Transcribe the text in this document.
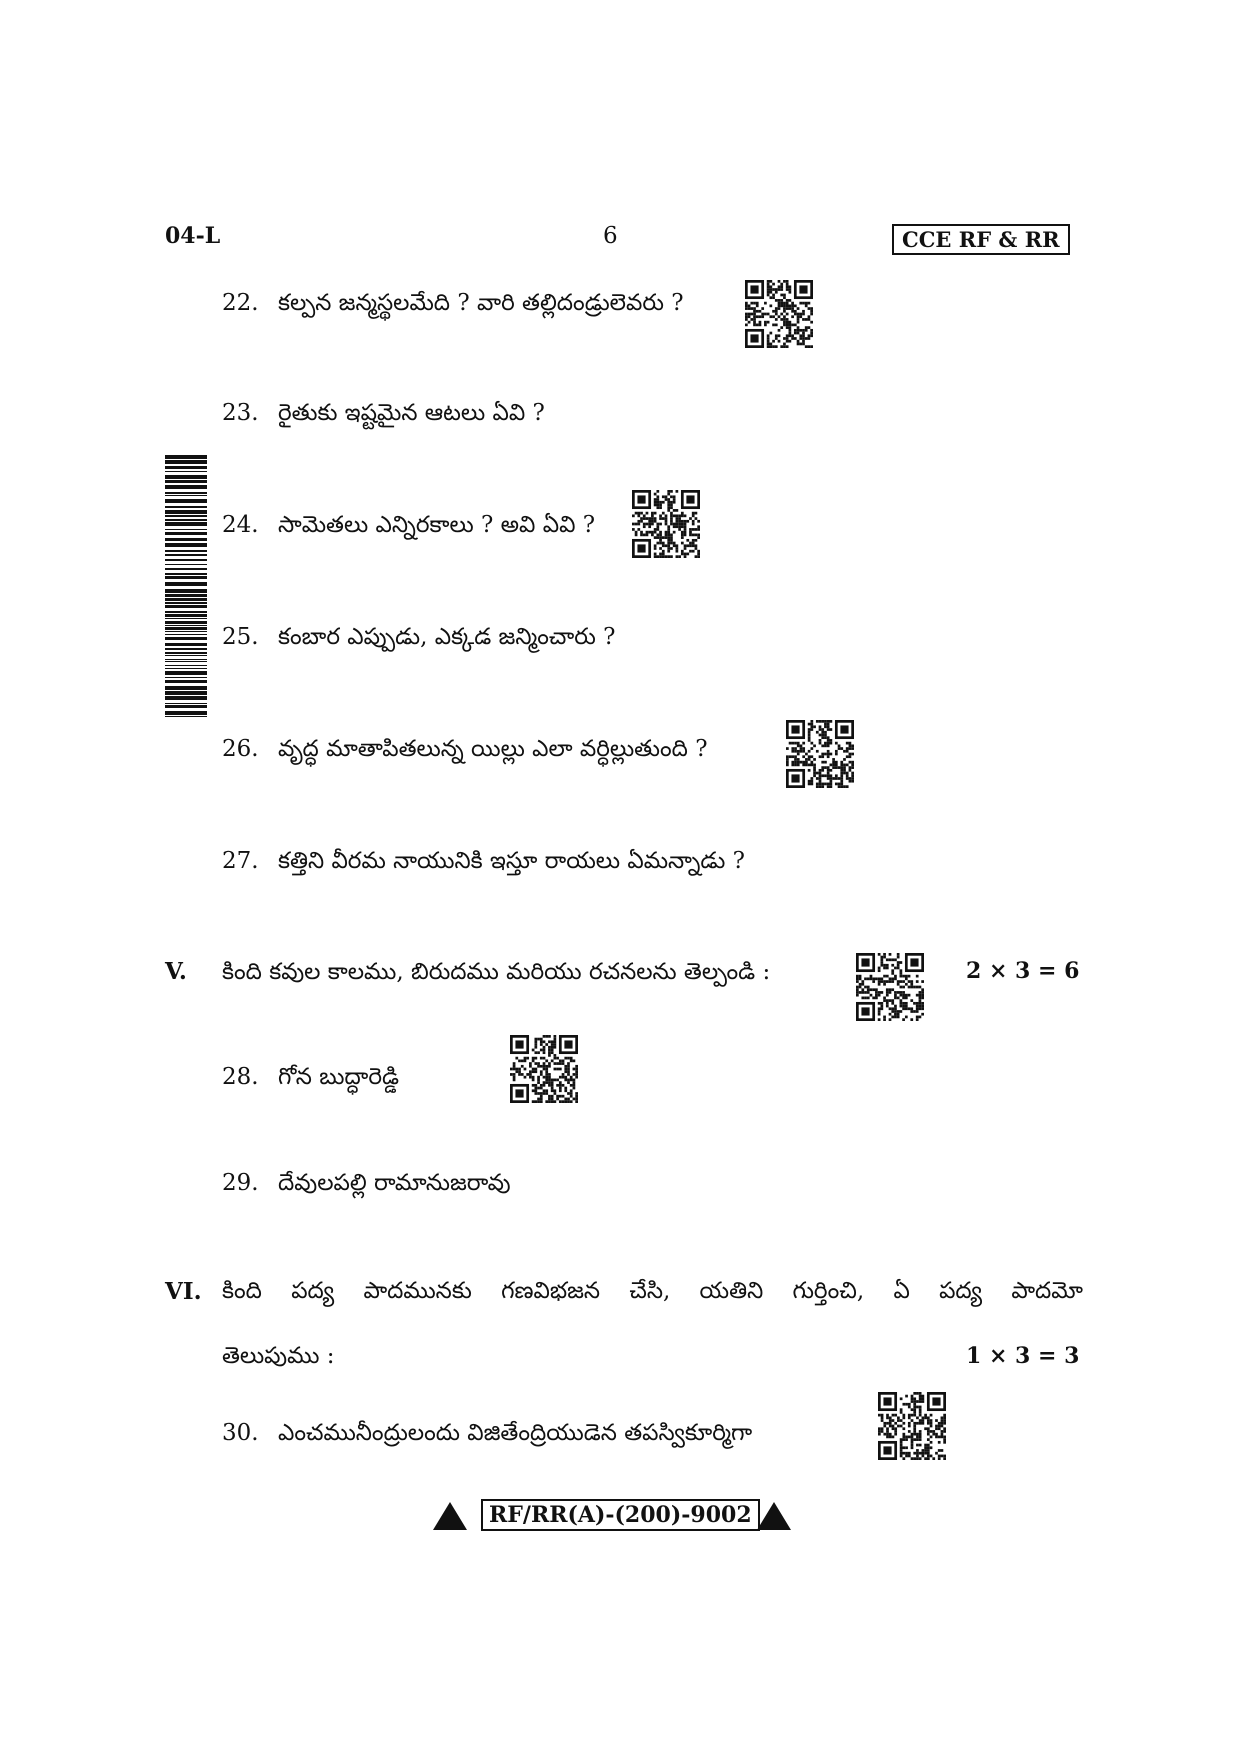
04-L	6	CCE RF & RR
22. కల్పన జన్మస్థలమేది ? వారి తల్లిదండ్రులెవరు ?
23. రైతుకు ఇష్టమైన ఆటలు ఏవి ?
24. సామెతలు ఎన్నిరకాలు ? అవి ఏవి ?
25. కంబార ఎప్పుడు, ఎక్కడ జన్మించారు ?
26. వృద్ధ మాతాపితలున్న యిల్లు ఎలా వర్ధిల్లుతుంది ?
27. కత్తిని వీరమ నాయునికి ఇస్తూ రాయలు ఏమన్నాడు ?
V. కింది కవుల కాలము, బిరుదము మరియు రచనలను తెల్పండి :	2 × 3 = 6
28. గోన బుద్ధారెడ్డి
29. దేవులపల్లి రామానుజరావు
VI. కింది పద్య పాదమునకు గణవిభజన చేసి, యతిని గుర్తించి, ఏ పద్య పాదమో
తెలుపుము :	1 × 3 = 3
30. ఎంచమునీంద్రులందు విజితేంద్రియుడెన తపస్వికూర్మిగా
RF/RR(A)-(200)-9002
